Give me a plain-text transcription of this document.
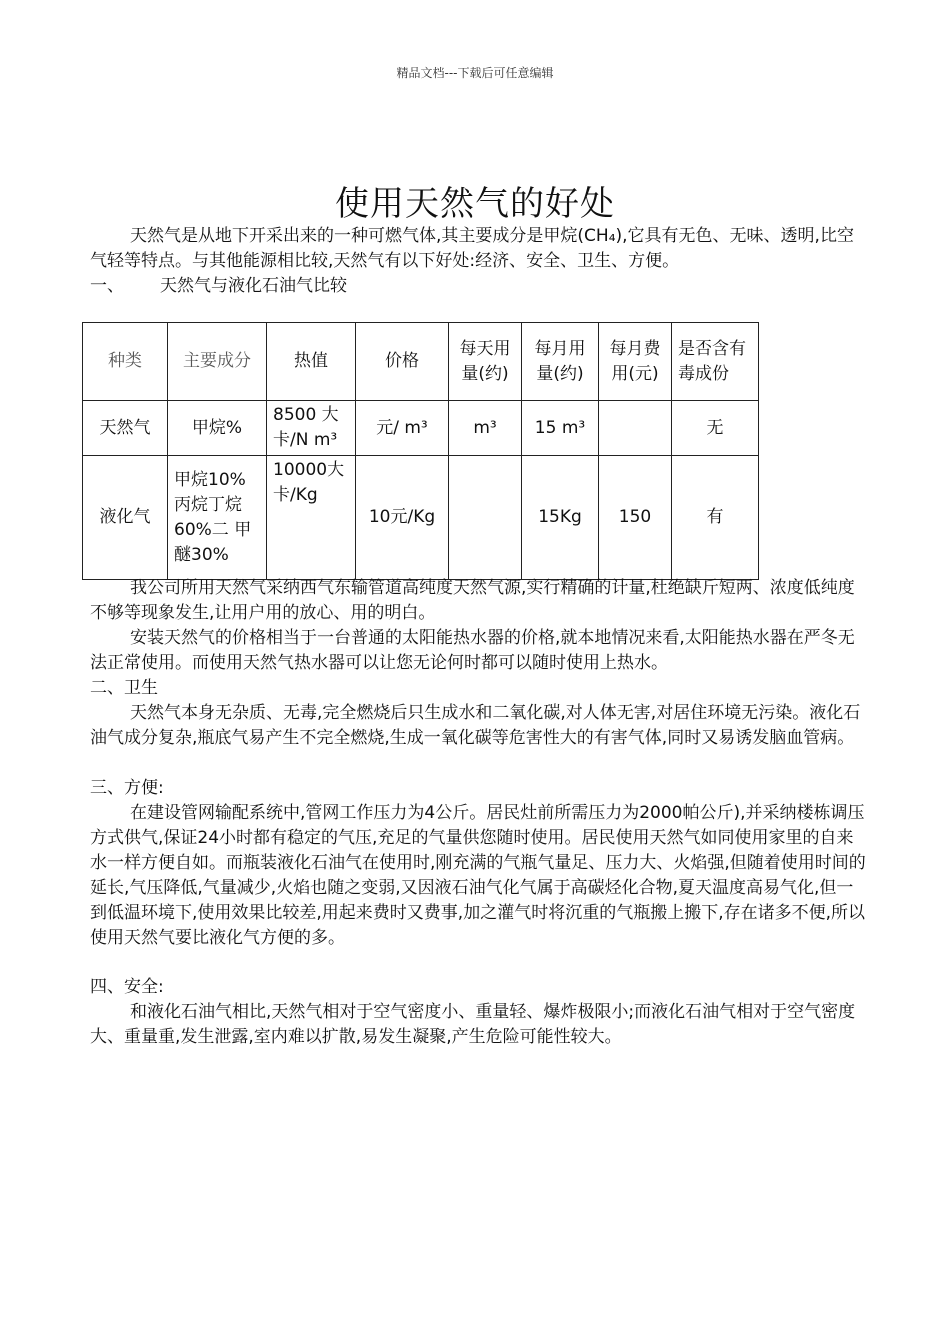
精品文档---下载后可任意编辑
使用天然气的好处

天然气是从地下开采出来的一种可燃气体,其主要成分是甲烷(CH₄),它具有无色、无味、透明,比空气轻等特点。与其他能源相比较,天然气有以下好处:经济、安全、卫生、方便。

一、 天然气与液化石油气比较
种类	主要成分	热值	价格	每天用量(约)	每月用量(约)	每月费用(元)	是否含有毒成份
天然气	甲烷%	8500 大卡/N m³	元/ m³	m³	15 m³		无
液化气	甲烷10%丙烷丁烷60%二 甲 醚30%	10000大卡/Kg	10元/Kg		15Kg	150	有

我公司所用天然气采纳西气东输管道高纯度天然气源,实行精确的计量,杜绝缺斤短两、浓度低纯度不够等现象发生,让用户用的放心、用的明白。

安装天然气的价格相当于一台普通的太阳能热水器的价格,就本地情况来看,太阳能热水器在严冬无法正常使用。而使用天然气热水器可以让您无论何时都可以随时使用上热水。

二、卫生

天然气本身无杂质、无毒,完全燃烧后只生成水和二氧化碳,对人体无害,对居住环境无污染。液化石油气成分复杂,瓶底气易产生不完全燃烧,生成一氧化碳等危害性大的有害气体,同时又易诱发脑血管病。

三、方便:

在建设管网输配系统中,管网工作压力为4公斤。居民灶前所需压力为2000帕公斤),并采纳楼栋调压方式供气,保证24小时都有稳定的气压,充足的气量供您随时使用。居民使用天然气如同使用家里的自来水一样方便自如。而瓶装液化石油气在使用时,刚充满的气瓶气量足、压力大、火焰强,但随着使用时间的延长,气压降低,气量减少,火焰也随之变弱,又因液石油气化气属于高碳烃化合物,夏天温度高易气化,但一到低温环境下,使用效果比较差,用起来费时又费事,加之灌气时将沉重的气瓶搬上搬下,存在诸多不便,所以使用天然气要比液化气方便的多。

四、安全:

和液化石油气相比,天然气相对于空气密度小、重量轻、爆炸极限小;而液化石油气相对于空气密度大、重量重,发生泄露,室内难以扩散,易发生凝聚,产生危险可能性较大。
